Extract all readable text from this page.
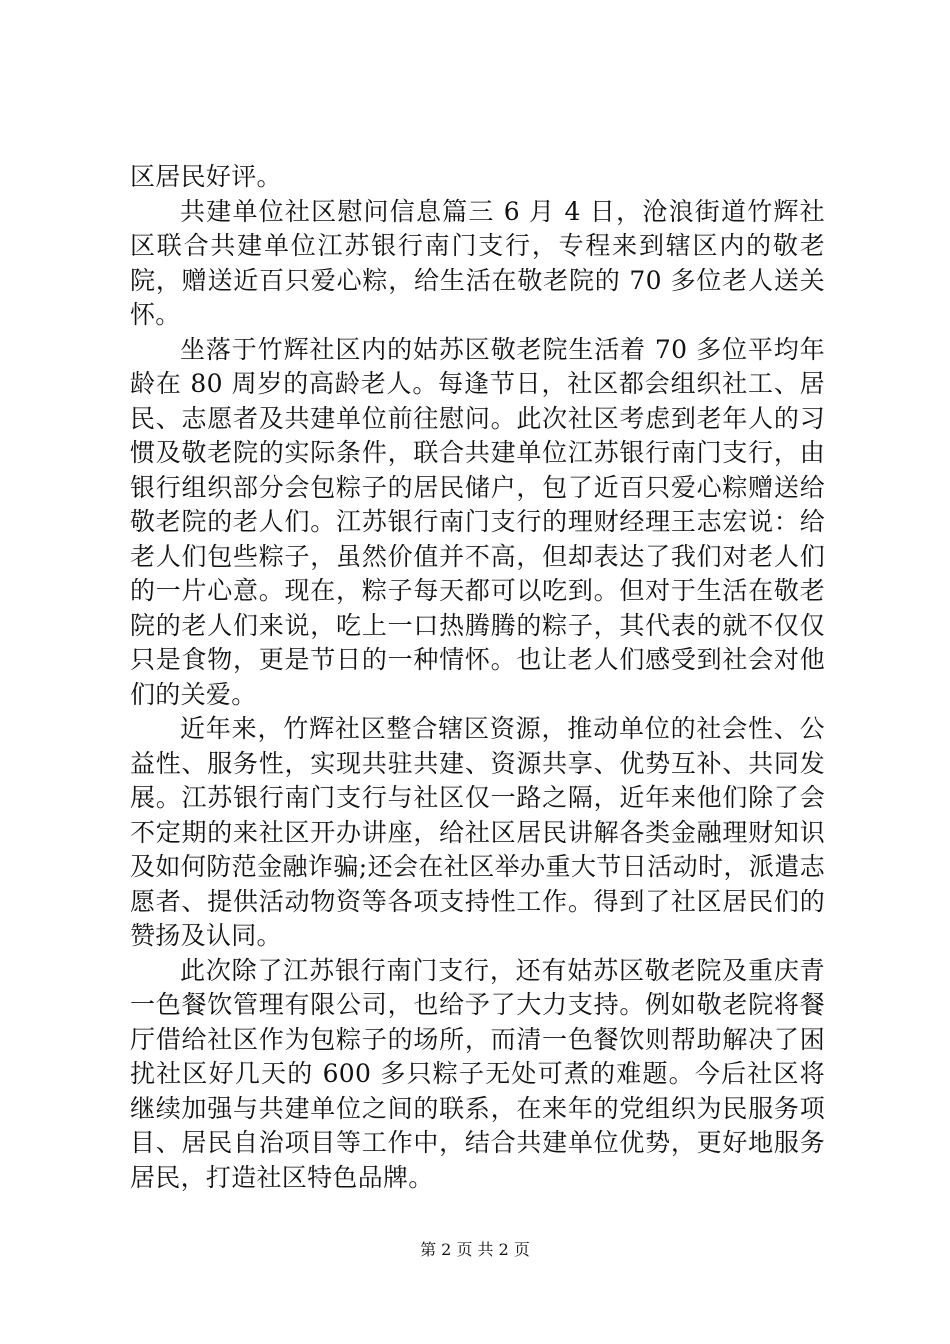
区居民好评。

共建单位社区慰问信息篇三 6 月 4 日，沧浪街道竹辉社区联合共建单位江苏银行南门支行，专程来到辖区内的敬老院，赠送近百只爱心粽，给生活在敬老院的 70 多位老人送关怀。

坐落于竹辉社区内的姑苏区敬老院生活着 70 多位平均年龄在 80 周岁的高龄老人。每逢节日，社区都会组织社工、居民、志愿者及共建单位前往慰问。此次社区考虑到老年人的习惯及敬老院的实际条件，联合共建单位江苏银行南门支行，由银行组织部分会包粽子的居民储户，包了近百只爱心粽赠送给敬老院的老人们。江苏银行南门支行的理财经理王志宏说：给老人们包些粽子，虽然价值并不高，但却表达了我们对老人们的一片心意。现在，粽子每天都可以吃到。但对于生活在敬老院的老人们来说，吃上一口热腾腾的粽子，其代表的就不仅仅只是食物，更是节日的一种情怀。也让老人们感受到社会对他们的关爱。

近年来，竹辉社区整合辖区资源，推动单位的社会性、公益性、服务性，实现共驻共建、资源共享、优势互补、共同发展。江苏银行南门支行与社区仅一路之隔，近年来他们除了会不定期的来社区开办讲座，给社区居民讲解各类金融理财知识及如何防范金融诈骗;还会在社区举办重大节日活动时，派遣志愿者、提供活动物资等各项支持性工作。得到了社区居民们的赞扬及认同。

此次除了江苏银行南门支行，还有姑苏区敬老院及重庆青一色餐饮管理有限公司，也给予了大力支持。例如敬老院将餐厅借给社区作为包粽子的场所，而清一色餐饮则帮助解决了困扰社区好几天的 600 多只粽子无处可煮的难题。今后社区将继续加强与共建单位之间的联系，在来年的党组织为民服务项目、居民自治项目等工作中，结合共建单位优势，更好地服务居民，打造社区特色品牌。

第 2 页 共 2 页
